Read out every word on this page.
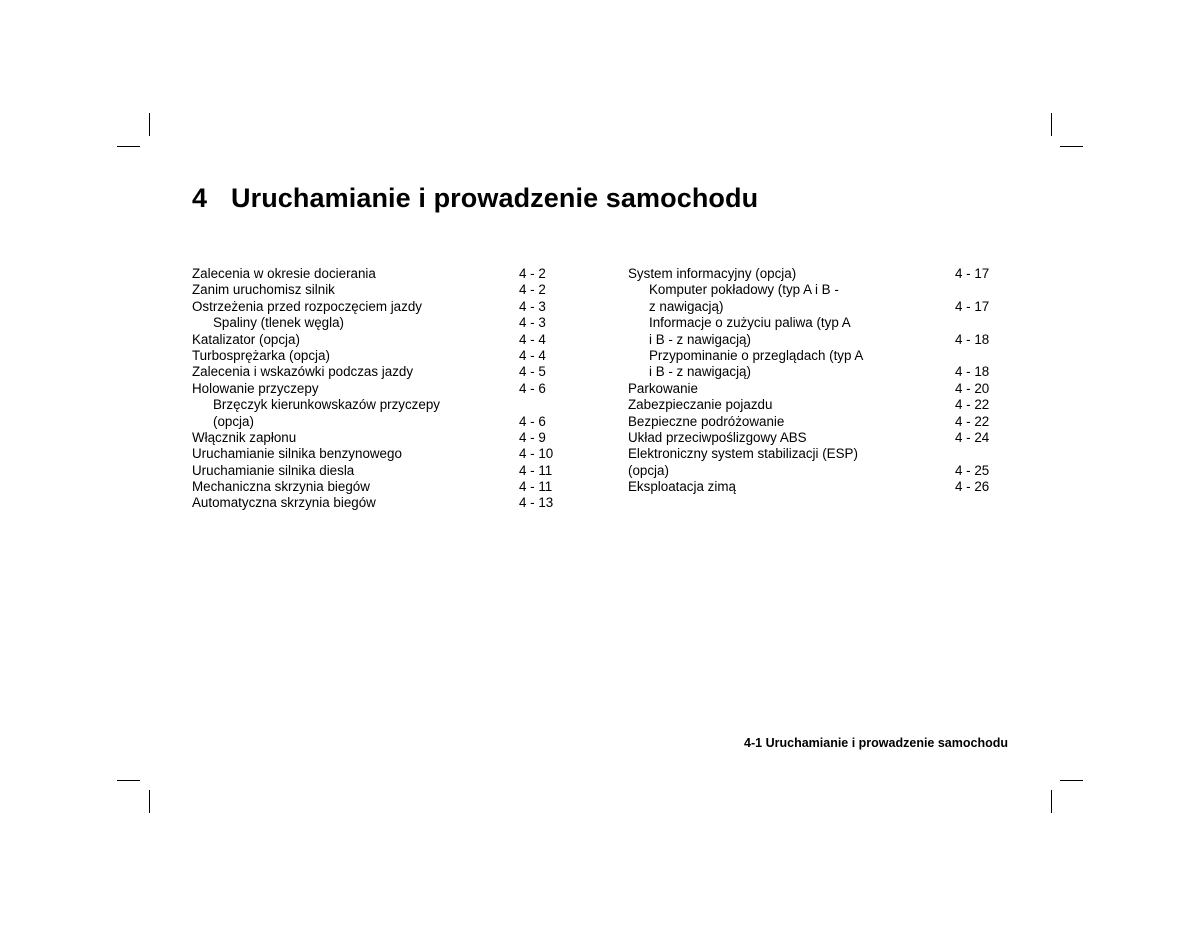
4 Uruchamianie i prowadzenie samochodu
Zalecenia w okresie docierania	4 - 2
Zanim uruchomisz silnik	4 - 2
Ostrzeżenia przed rozpoczęciem jazdy	4 - 3
Spaliny (tlenek węgla)	4 - 3
Katalizator (opcja)	4 - 4
Turbosprężarka (opcja)	4 - 4
Zalecenia i wskazówki podczas jazdy	4 - 5
Holowanie przyczepy	4 - 6
Brzęczyk kierunkowskazów przyczepy
(opcja)	4 - 6
Włącznik zapłonu	4 - 9
Uruchamianie silnika benzynowego	4 - 10
Uruchamianie silnika diesla	4 - 11
Mechaniczna skrzynia biegów	4 - 11
Automatyczna skrzynia biegów	4 - 13
System informacyjny (opcja)	4 - 17
Komputer pokładowy (typ A i B -
z nawigacją)	4 - 17
Informacje o zużyciu paliwa (typ A
i B - z nawigacją)	4 - 18
Przypominanie o przeglądach (typ A
i B - z nawigacją)	4 - 18
Parkowanie	4 - 20
Zabezpieczanie pojazdu	4 - 22
Bezpieczne podróżowanie	4 - 22
Układ przeciwpoślizgowy ABS	4 - 24
Elektroniczny system stabilizacji (ESP)
(opcja)	4 - 25
Eksploatacja zimą	4 - 26
4-1 Uruchamianie i prowadzenie samochodu
